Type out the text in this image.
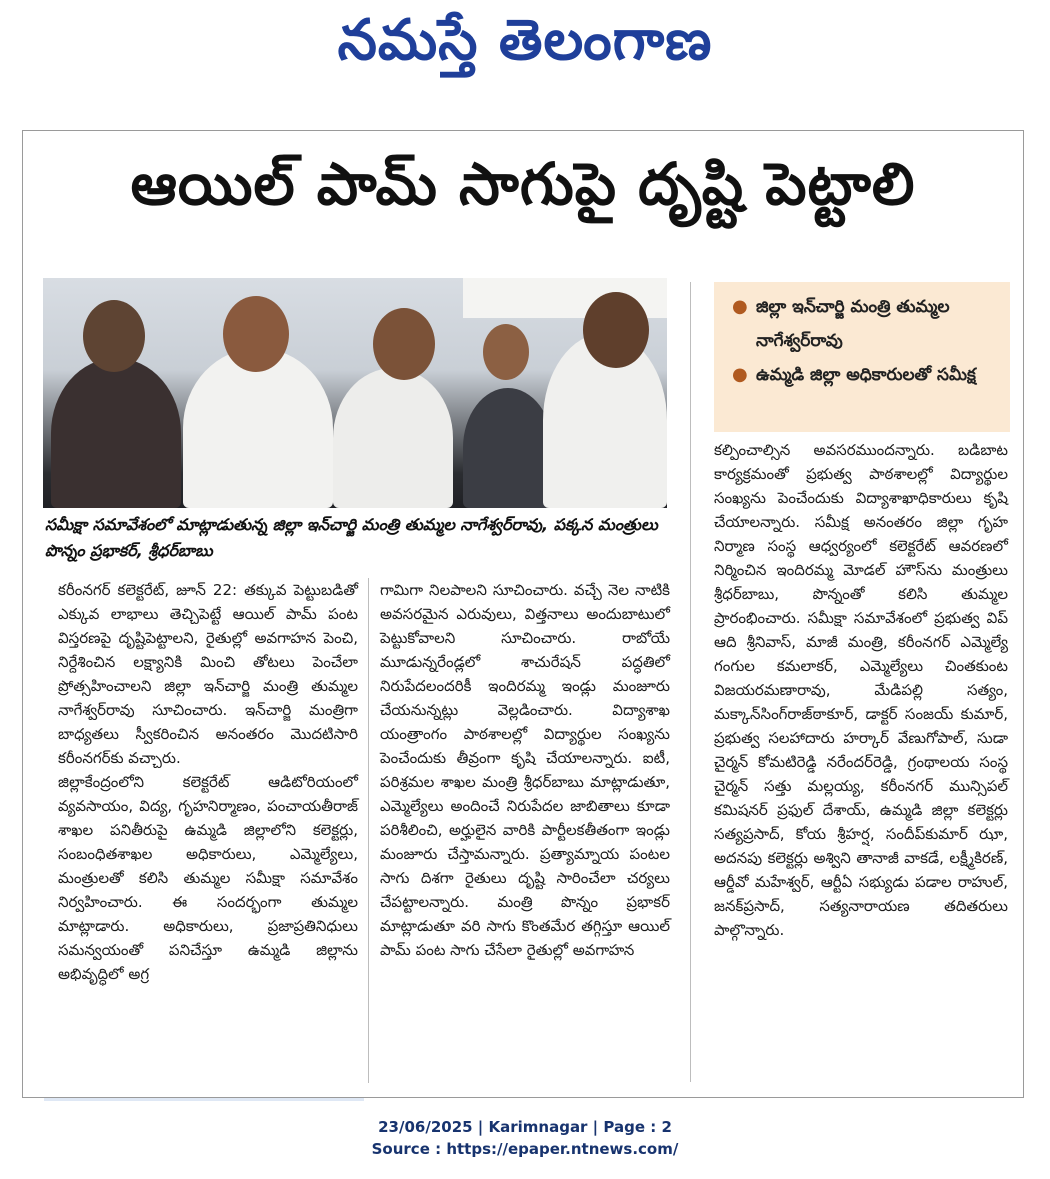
నమస్తే తెలంగాణ
ఆయిల్ పామ్ సాగుపై దృష్టి పెట్టాలి
సమీక్షా సమావేశంలో మాట్లాడుతున్న జిల్లా ఇన్‌చార్జి మంత్రి తుమ్మల నాగేశ్వర్‌రావు, పక్కన మంత్రులు పొన్నం ప్రభాకర్, శ్రీధర్‌బాబు
● జిల్లా ఇన్‌చార్జి మంత్రి తుమ్మల నాగేశ్వర్‌రావు
● ఉమ్మడి జిల్లా అధికారులతో సమీక్ష

కరీంనగర్ కలెక్టరేట్, జూన్ 22: తక్కువ పెట్టుబడితో ఎక్కువ లాభాలు తెచ్చిపెట్టే ఆయిల్ పామ్ పంట విస్తరణపై దృష్టిపెట్టాలని, రైతుల్లో అవగాహన పెంచి, నిర్దేశించిన లక్ష్యానికి మించి తోటలు పెంచేలా ప్రోత్సహించాలని జిల్లా ఇన్‌చార్జి మంత్రి తుమ్మల నాగేశ్వర్‌రావు సూచించారు. ఇన్‌చార్జి మంత్రిగా బాధ్యతలు స్వీకరించిన అనంతరం మొదటిసారి కరీంనగర్‌కు వచ్చారు.

జిల్లాకేంద్రంలోని కలెక్టరేట్ ఆడిటోరియంలో వ్యవసాయం, విద్య, గృహనిర్మాణం, పంచాయతీరాజ్ శాఖల పనితీరుపై ఉమ్మడి జిల్లాలోని కలెక్టర్లు, సంబంధితశాఖల అధికారులు, ఎమ్మెల్యేలు, మంత్రులతో కలిసి తుమ్మల సమీక్షా సమావేశం నిర్వహించారు. ఈ సందర్భంగా తుమ్మల మాట్లాడారు. అధికారులు, ప్రజాప్రతినిధులు సమన్వయంతో పనిచేస్తూ ఉమ్మడి జిల్లాను అభివృద్ధిలో అగ్ర

గామిగా నిలపాలని సూచించారు. వచ్చే నెల నాటికి అవసరమైన ఎరువులు, విత్తనాలు అందుబాటులో పెట్టుకోవాలని సూచించారు. రాబోయే మూడున్నరేండ్లలో శాచురేషన్ పద్ధతిలో నిరుపేదలందరికీ ఇందిరమ్మ ఇండ్లు మంజూరు చేయనున్నట్లు వెల్లడించారు. విద్యాశాఖ యంత్రాంగం పాఠశాలల్లో విద్యార్థుల సంఖ్యను పెంచేందుకు తీవ్రంగా కృషి చేయాలన్నారు. ఐటీ, పరిశ్రమల శాఖల మంత్రి శ్రీధర్‌బాబు మాట్లాడుతూ, ఎమ్మెల్యేలు అందించే నిరుపేదల జాబితాలు కూడా పరిశీలించి, అర్హులైన వారికి పార్టీలకతీతంగా ఇండ్లు మంజూరు చేస్తామన్నారు. ప్రత్యామ్నాయ పంటల సాగు దిశగా రైతులు దృష్టి సారించేలా చర్యలు చేపట్టాలన్నారు. మంత్రి పొన్నం ప్రభాకర్ మాట్లాడుతూ వరి సాగు కొంతమేర తగ్గిస్తూ ఆయిల్ పామ్ పంట సాగు చేసేలా రైతుల్లో అవగాహన

కల్పించాల్సిన అవసరముందన్నారు. బడిబాట కార్యక్రమంతో ప్రభుత్వ పాఠశాలల్లో విద్యార్థుల సంఖ్యను పెంచేందుకు విద్యాశాఖాధికారులు కృషి చేయాలన్నారు. సమీక్ష అనంతరం జిల్లా గృహ నిర్మాణ సంస్థ ఆధ్వర్యంలో కలెక్టరేట్ ఆవరణలో నిర్మించిన ఇందిరమ్మ మోడల్ హౌస్‌ను మంత్రులు శ్రీధర్‌బాబు, పొన్నంతో కలిసి తుమ్మల ప్రారంభించారు. సమీక్షా సమావేశంలో ప్రభుత్వ విప్ ఆది శ్రీనివాస్, మాజీ మంత్రి, కరీంనగర్ ఎమ్మెల్యే గంగుల కమలాకర్, ఎమ్మెల్యేలు చింతకుంట విజయరమణారావు, మేడిపల్లి సత్యం, మక్కాన్‌సింగ్‌రాజ్‌ఠాకూర్, డాక్టర్ సంజయ్ కుమార్, ప్రభుత్వ సలహాదారు హర్కార్ వేణుగోపాల్, సుడా చైర్మన్ కోమటిరెడ్డి నరేందర్‌రెడ్డి, గ్రంథాలయ సంస్థ చైర్మన్ సత్తు మల్లయ్య, కరీంనగర్ మున్సిపల్ కమిషనర్ ప్రఫుల్ దేశాయ్, ఉమ్మడి జిల్లా కలెక్టర్లు సత్యప్రసాద్, కోయ శ్రీహర్ష, సందీప్‌కుమార్ ఝా, అదనపు కలెక్టర్లు అశ్విని తానాజీ వాకడే, లక్ష్మీకిరణ్, ఆర్డీవో మహేశ్వర్, ఆర్టీఏ సభ్యుడు పడాల రాహుల్, జనక్‌ప్రసాద్, సత్యనారాయణ తదితరులు పాల్గొన్నారు.

23/06/2025 | Karimnagar | Page : 2
Source : https://epaper.ntnews.com/
